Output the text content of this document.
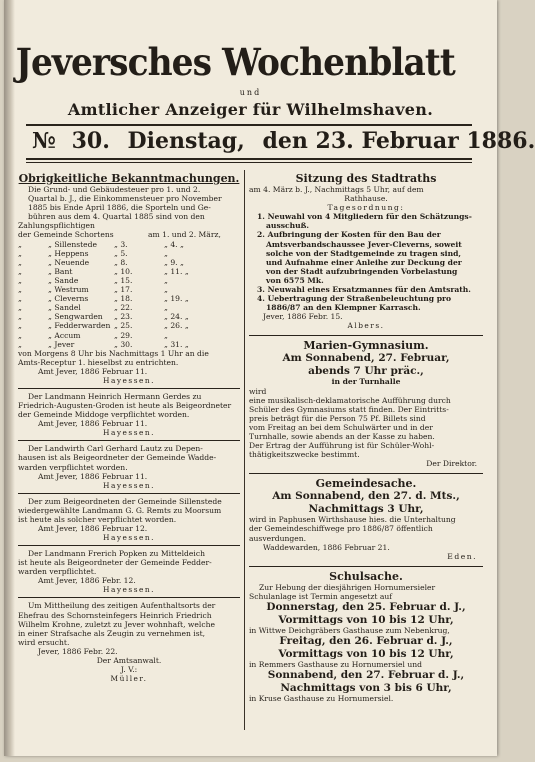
Jeversches Wochenblatt
und
Amtlicher Anzeiger für Wilhelmshaven.
№ 30. Dienstag, den 23. Februar 1886.
Obrigkeitliche Bekanntmachungen.
Die Grund- und Gebäudesteuer pro 1. und 2.
Quartal b. J., die Einkommensteuer pro November
1885 bis Ende April 1886, die Sporteln und Ge-
bühren aus dem 4. Quartal 1885 sind von den
Zahlungspflichtigen
der Gemeinde Schortens	am 1. und 2. März,
„	„ Sillenstede	„ 3.	„ 4. „
„	„ Heppens	„ 5.	„
„	„ Neuende	„ 8.	„ 9. „
„	„ Bant	„ 10.	„ 11. „
„	„ Sande	„ 15.	„
„	„ Westrum	„ 17.	„
„	„ Cleverns	„ 18.	„ 19. „
„	„ Sandel	„ 22.	„
„	„ Sengwarden	„ 23.	„ 24. „
„	„ Fedderwarden „ 25.	„ 26. „
„	„ Accum	„ 29.	„
„	„ Jever	„ 30.	„ 31. „
von Morgens 8 Uhr bis Nachmittags 1 Uhr an die
Amts-Receptur 1. hieselbst zu entrichten.
Amt Jever, 1886 Februar 11.
Hayessen.
Der Landmann Heinrich Hermann Gerdes zu
Friedrich-Augusten-Groden ist heute als Beigeordneter
der Gemeinde Middoge verpflichtet worden.
Amt Jever, 1886 Februar 11.
Hayessen.
Der Landwirth Carl Gerhard Lautz zu Depen-
hausen ist als Beigeordneter der Gemeinde Wadde-
warden verpflichtet worden.
Amt Jever, 1886 Februar 11.
Hayessen.
Der zum Beigeordneten der Gemeinde Sillenstede
wiedergewählte Landmann G. G. Remts zu Moorsum
ist heute als solcher verpflichtet worden.
Amt Jever, 1886 Februar 12.
Hayessen.
Der Landmann Frerich Popken zu Mitteldeich
ist heute als Beigeordneter der Gemeinde Fedder-
warden verpflichtet.
Amt Jever, 1886 Febr. 12.
Hayessen.
Um Mittheilung des zeitigen Aufenthaltsorts der
Ehefrau des Schornsteinfegers Heinrich Friedrich
Wilhelm Krohne, zuletzt zu Jever wohnhaft, welche
in einer Strafsache als Zeugin zu vernehmen ist,
wird ersucht.
Jever, 1886 Febr. 22.
Der Amtsanwalt.
J. V.:
Müller.
Sitzung des Stadtraths
am 4. März b. J., Nachmittags 5 Uhr, auf dem
Rathhause.
Tagesordnung:
1. Neuwahl von 4 Mitgliedern für den Schätzungs-
ausschuß.
2. Aufbringung der Kosten für den Bau der
Amtsverbandschaussee Jever-Cleverns, soweit
solche von der Stadtgemeinde zu tragen sind,
und Aufnahme einer Anleihe zur Deckung der
von der Stadt aufzubringenden Vorbelastung
von 6575 Mk.
3. Neuwahl eines Ersatzmannes für den Amtsrath.
4. Uebertragung der Straßenbeleuchtung pro
1886/87 an den Klempner Karrasch.
Jever, 1886 Febr. 15.
Albers.
Marien-Gymnasium.
Am Sonnabend, 27. Februar,
abends 7 Uhr präc.,
in der Turnhalle
wird
eine musikalisch-deklamatorische Aufführung durch
Schüler des Gymnasiums statt finden. Der Eintritts-
preis beträgt für die Person 75 Pf. Billets sind
vom Freitag an bei dem Schulwärter und in der
Turnhalle, sowie abends an der Kasse zu haben.
Der Ertrag der Aufführung ist für Schüler-Wohl-
thätigkeitszwecke bestimmt.
Der Direktor.
Gemeindesache.
Am Sonnabend, den 27. d. Mts.,
Nachmittags 3 Uhr,
wird in Paphusen Wirthshause hies. die Unterhaltung
der Gemeindeschiffwege pro 1886/87 öffentlich
ausverdungen.
Waddewarden, 1886 Februar 21.
Eden.
Schulsache.
Zur Hebung der diesjährigen Hornumersieler
Schulanlage ist Termin angesetzt auf
Donnerstag, den 25. Februar d. J.,
Vormittags von 10 bis 12 Uhr,
in Wittwe Deichgräbers Gasthause zum Nebenkrug,
Freitag, den 26. Februar d. J.,
Vormittags von 10 bis 12 Uhr,
in Remmers Gasthause zu Hornumersiel und
Sonnabend, den 27. Februar d. J.,
Nachmittags von 3 bis 6 Uhr,
in Kruse Gasthause zu Hornumersiel.
